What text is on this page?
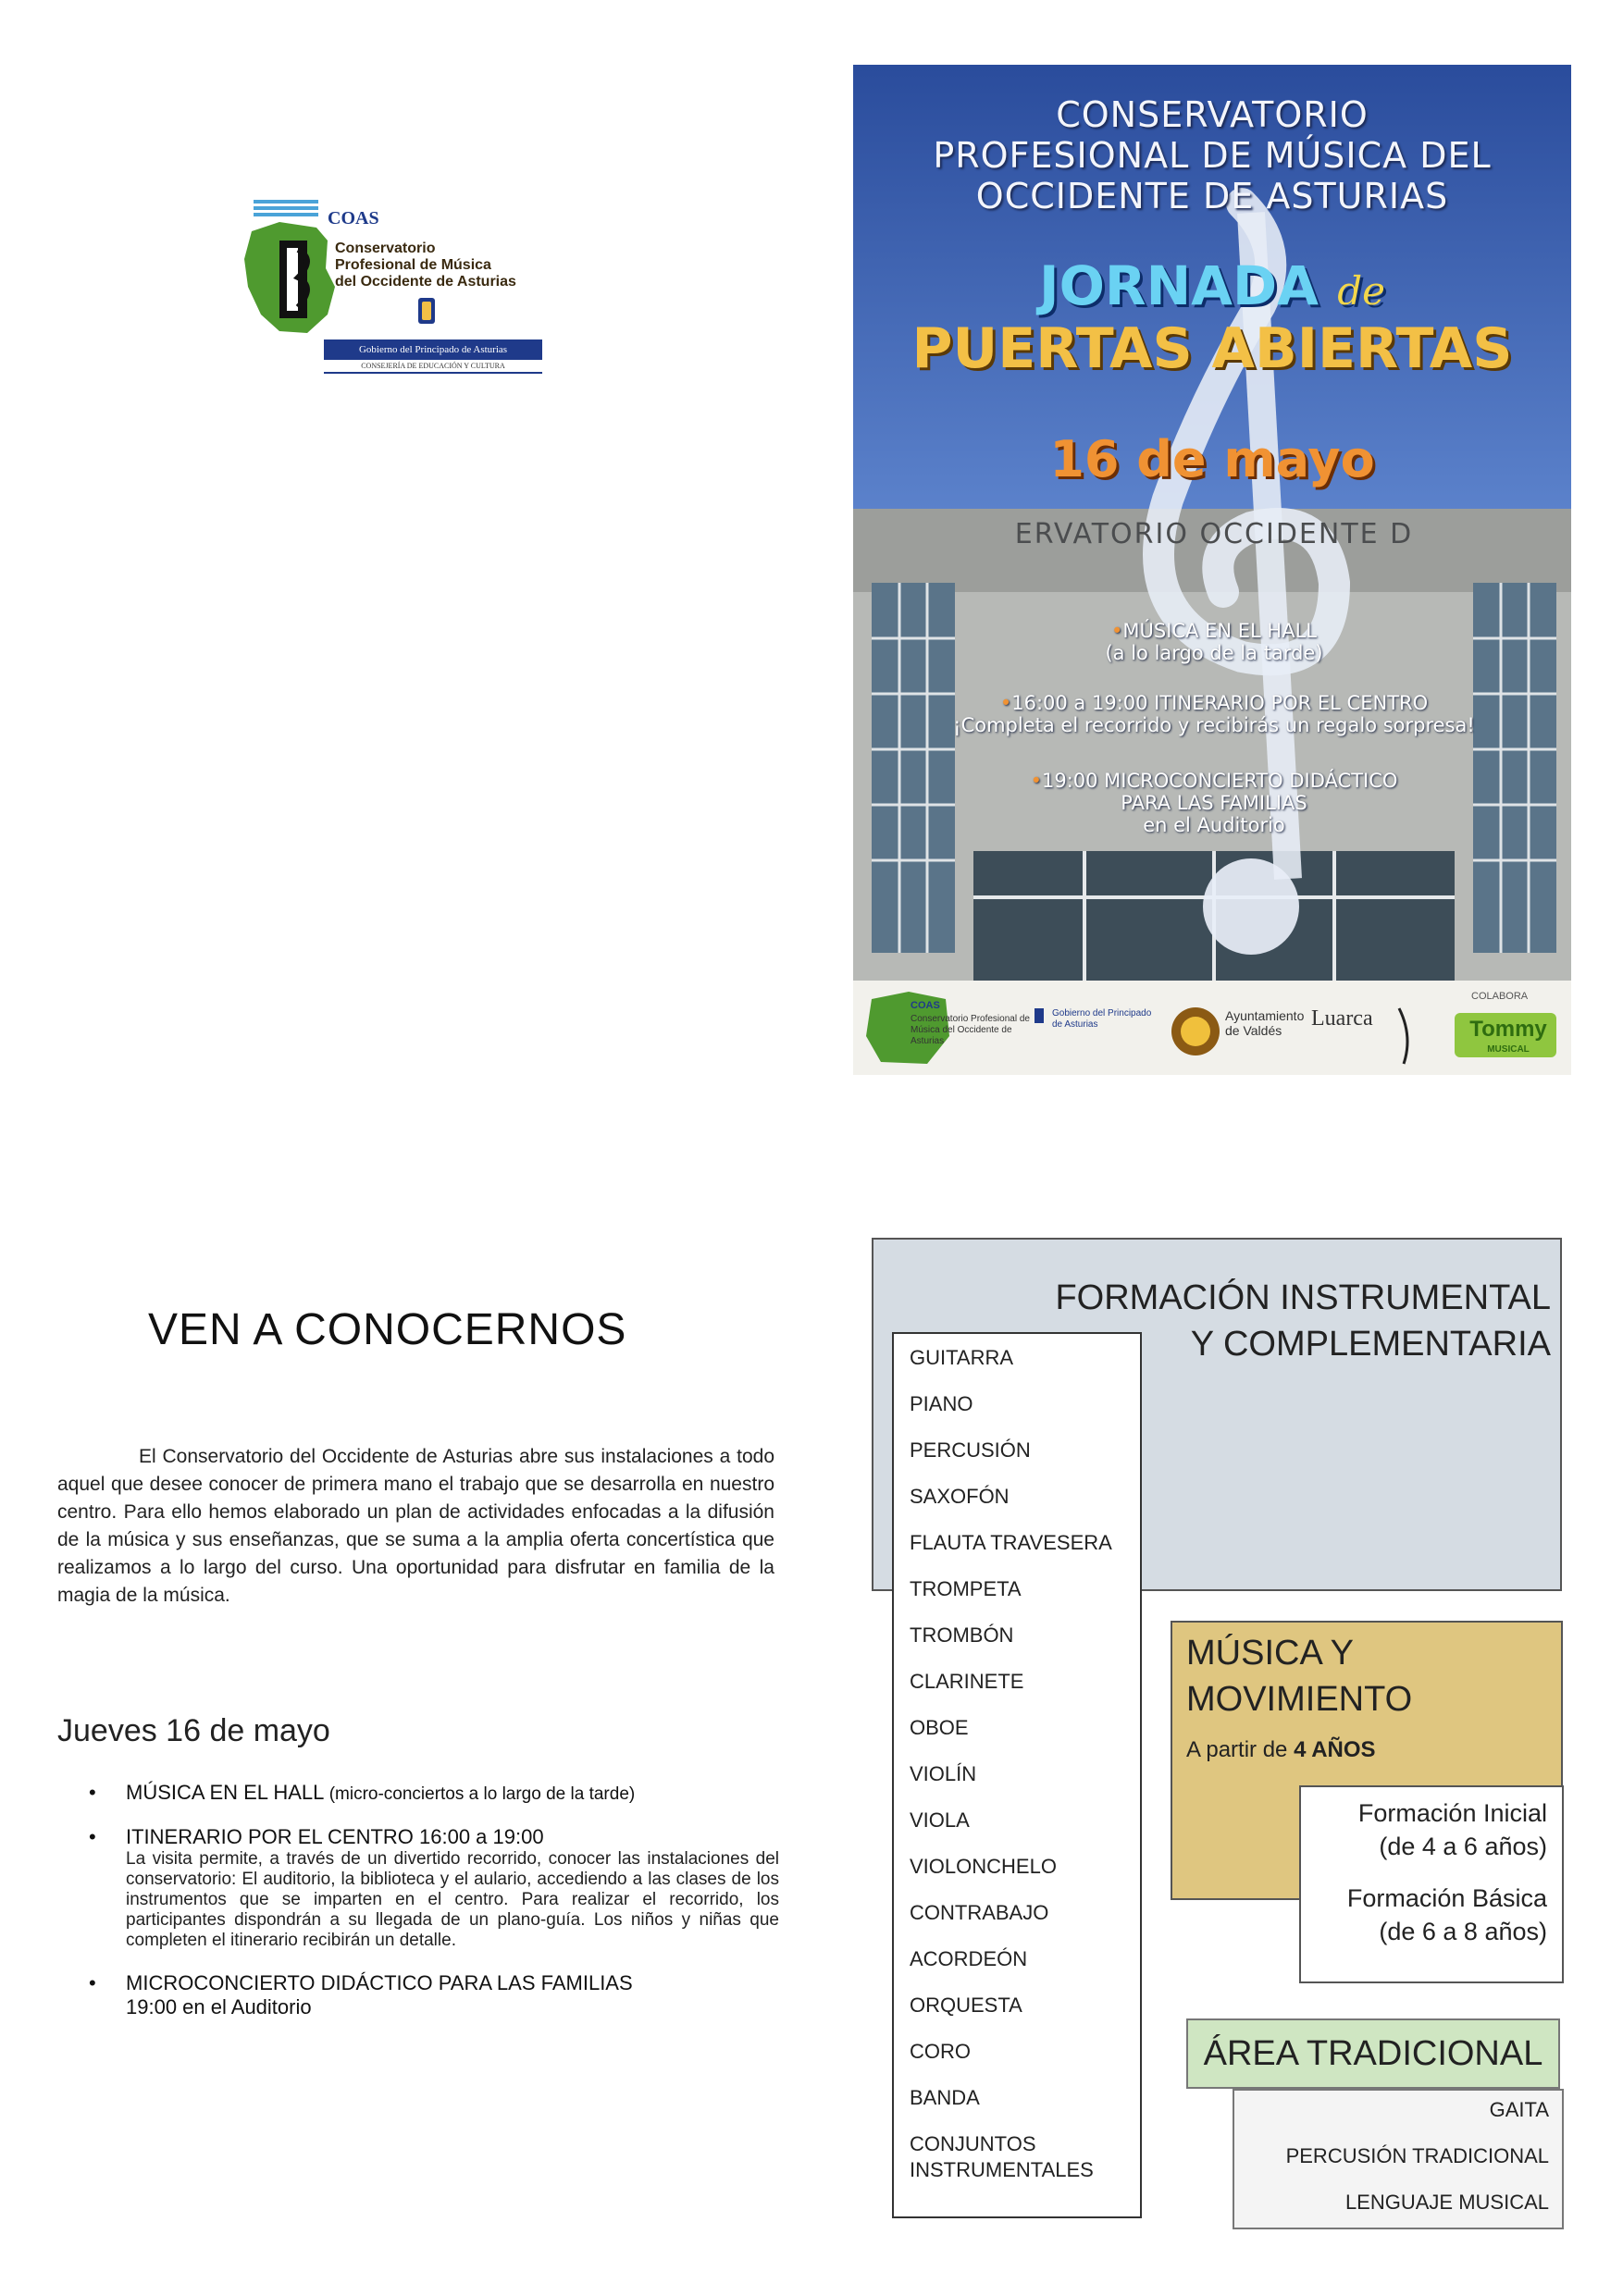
COAS
Conservatorio
Profesional de Música
del Occidente de Asturias
Gobierno del Principado de Asturias
CONSEJERÍA DE EDUCACIÓN Y CULTURA
CONSERVATORIO
PROFESIONAL DE MÚSICA DEL
OCCIDENTE DE ASTURIAS
JORNADA de
PUERTAS ABIERTAS
16 de mayo
ERVATORIO OCCIDENTE D
•MÚSICA EN EL HALL
(a lo largo de la tarde)
•16:00 a 19:00 ITINERARIO POR EL CENTRO
¡Completa el recorrido y recibirás un regalo sorpresa!
•19:00 MICROCONCIERTO DIDÁCTICO
PARA LAS FAMILIAS
en el Auditorio
COAS
Conservatorio Profesional de Música del Occidente de Asturias
Gobierno del Principado de Asturias
Ayuntamiento de Valdés	Luarca
COLABORA
Tommy
MUSICAL
VEN A CONOCERNOS
El Conservatorio del Occidente de Asturias abre sus instalaciones a todo aquel que desee conocer de primera mano el trabajo que se desarrolla en nuestro centro. Para ello hemos elaborado un plan de actividades enfocadas a la difusión de la música y sus enseñanzas, que se suma a la amplia oferta concertística que realizamos a lo largo del curso. Una oportunidad para disfrutar en familia de la magia de la música.
Jueves 16 de mayo
• MÚSICA EN EL HALL (micro-conciertos a lo largo de la tarde)
• ITINERARIO POR EL CENTRO 16:00 a 19:00
La visita permite, a través de un divertido recorrido, conocer las instalaciones del conservatorio: El auditorio, la biblioteca y el aulario, accediendo a las clases de los instrumentos que se imparten en el centro. Para realizar el recorrido, los participantes dispondrán a su llegada de un plano-guía. Los niños y niñas que completen el itinerario recibirán un detalle.
• MICROCONCIERTO DIDÁCTICO PARA LAS FAMILIAS
19:00 en el Auditorio
FORMACIÓN INSTRUMENTAL
Y COMPLEMENTARIA
GUITARRA
PIANO
PERCUSIÓN
SAXOFÓN
FLAUTA TRAVESERA
TROMPETA
TROMBÓN
CLARINETE
OBOE
VIOLÍN
VIOLA
VIOLONCHELO
CONTRABAJO
ACORDEÓN
ORQUESTA
CORO
BANDA
CONJUNTOS INSTRUMENTALES
MÚSICA Y
MOVIMIENTO
A partir de 4 AÑOS
Formación Inicial
(de 4 a 6 años)
Formación Básica
(de 6 a 8 años)
ÁREA TRADICIONAL
GAITA
PERCUSIÓN TRADICIONAL
LENGUAJE MUSICAL
